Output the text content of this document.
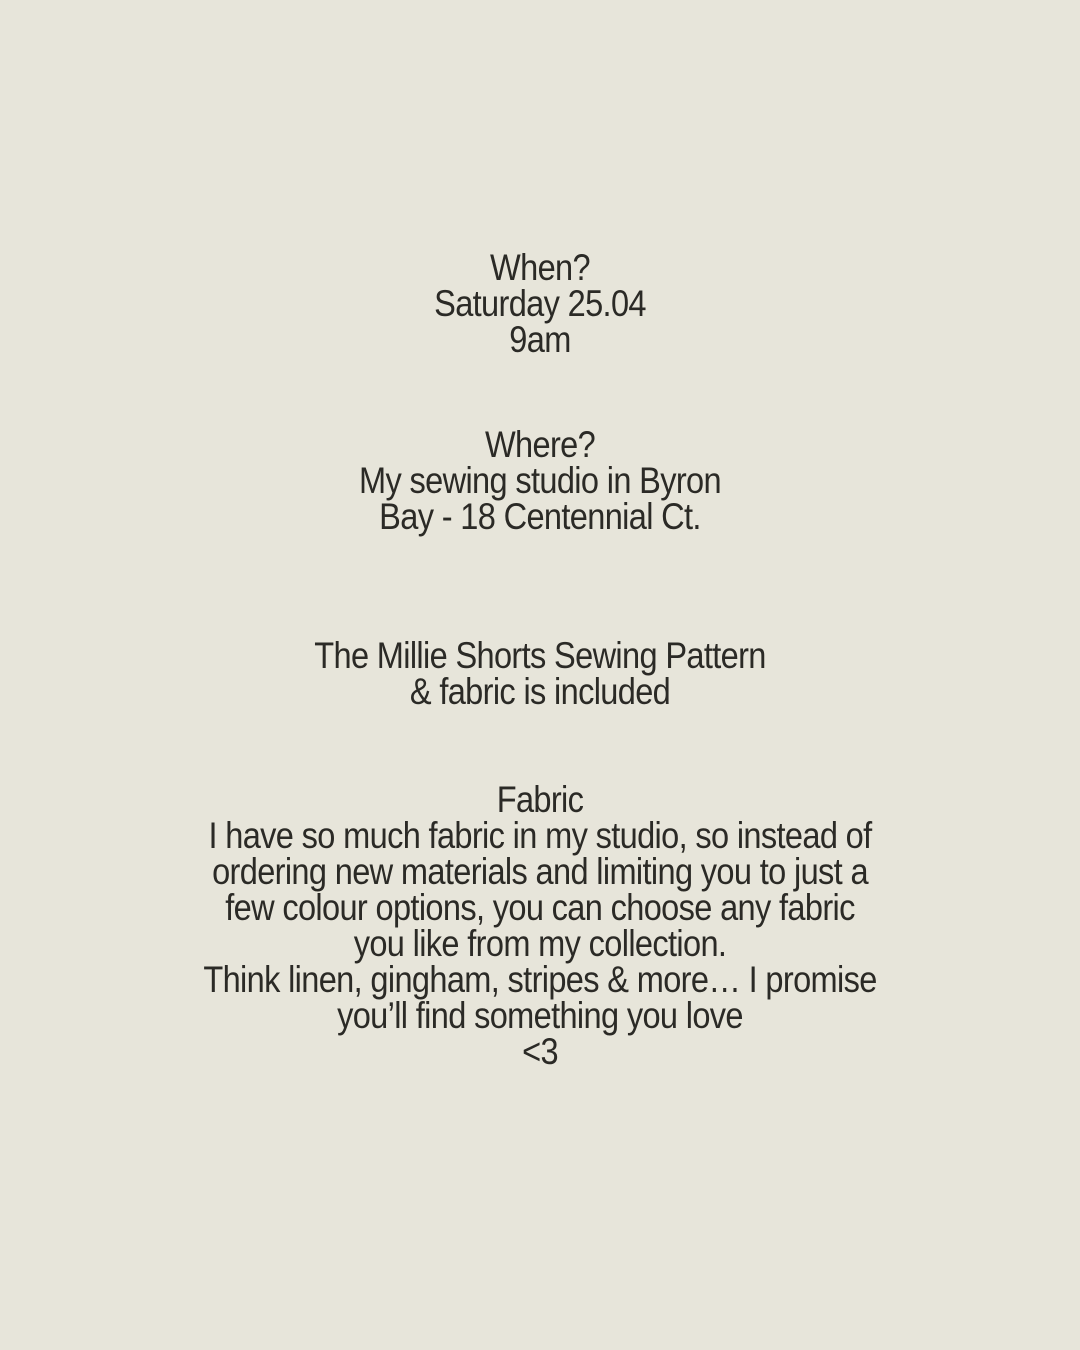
When?
Saturday 25.04
9am
Where?
My sewing studio in Byron
Bay - 18 Centennial Ct.
The Millie Shorts Sewing Pattern
& fabric is included
Fabric
I have so much fabric in my studio, so instead of
ordering new materials and limiting you to just a
few colour options, you can choose any fabric
you like from my collection.
Think linen, gingham, stripes & more… I promise
you’ll find something you love
<3
